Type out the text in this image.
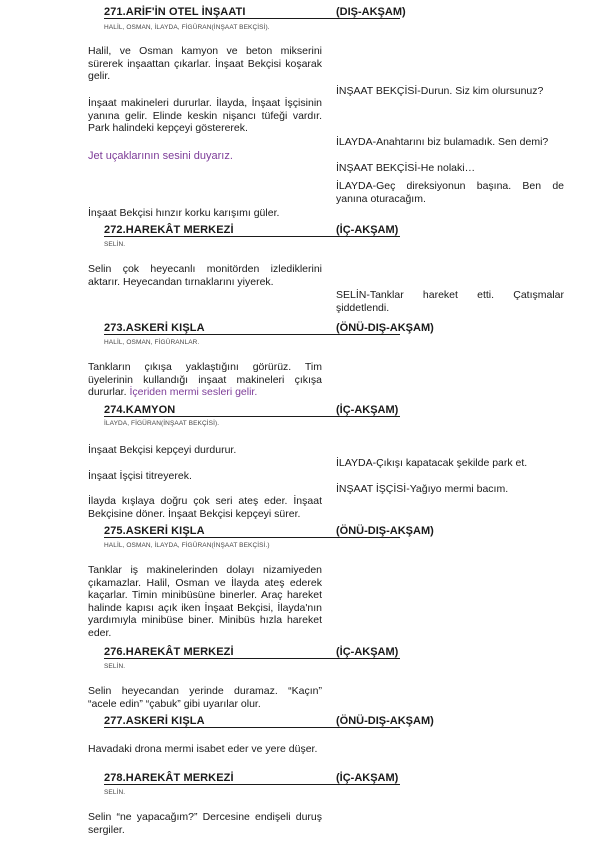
271.ARİF'İN OTEL İNŞAATI	(DIŞ-AKŞAM)
HALİL, OSMAN, İLAYDA, FİGÜRAN(İNŞAAT BEKÇİSİ).
Halil, ve Osman kamyon ve beton mikserini sürerek inşaattan çıkarlar. İnşaat Bekçisi koşarak gelir.
İnşaat makineleri dururlar. İlayda, İnşaat İşçisinin yanına gelir. Elinde keskin nişancı tüfeği vardır. Park halindeki kepçeyi göstererek.
Jet uçaklarının sesini duyarız.
İnşaat Bekçisi hınzır korku karışımı güler.
İNŞAAT BEKÇİSİ-Durun. Siz kim olursunuz?
İLAYDA-Anahtarını biz bulamadık. Sen demi?
İNŞAAT BEKÇİSİ-He nolaki…
İLAYDA-Geç direksiyonun başına. Ben de yanına oturacağım.
272.HAREKÂT MERKEZİ	(İÇ-AKŞAM)
SELİN.
Selin çok heyecanlı monitörden izlediklerini aktarır. Heyecandan tırnaklarını yiyerek.
SELİN-Tanklar hareket etti. Çatışmalar şiddetlendi.
273.ASKERİ KIŞLA	(ÖNÜ-DIŞ-AKŞAM)
HALİL, OSMAN, FİGÜRANLAR.
Tankların çıkışa yaklaştığını görürüz. Tim üyelerinin kullandığı inşaat makineleri çıkışa dururlar. İçeriden mermi sesleri gelir.
274.KAMYON	(İÇ-AKŞAM)
İLAYDA, FİGÜRAN(İNŞAAT BEKÇİSİ).
İnşaat Bekçisi kepçeyi durdurur.
İnşaat İşçisi titreyerek.
İlayda kışlaya doğru çok seri ateş eder. İnşaat Bekçisine döner. İnşaat Bekçisi kepçeyi sürer.
İLAYDA-Çıkışı kapatacak şekilde park et.
İNŞAAT İŞÇİSİ-Yağıyo mermi bacım.
275.ASKERİ KIŞLA	(ÖNÜ-DIŞ-AKŞAM)
HALİL, OSMAN, İLAYDA, FİGÜRAN(İNŞAAT BEKÇİSİ.)
Tanklar iş makinelerinden dolayı nizamiyeden çıkamazlar. Halil, Osman ve İlayda ateş ederek kaçarlar. Timin minibüsüne binerler. Araç hareket halinde kapısı açık iken İnşaat Bekçisi, İlayda'nın yardımıyla minibüse biner. Minibüs hızla hareket eder.
276.HAREKÂT MERKEZİ	(İÇ-AKŞAM)
SELİN.
Selin heyecandan yerinde duramaz. “Kaçın” “acele edin” “çabuk” gibi uyarılar olur.
277.ASKERİ KIŞLA	(ÖNÜ-DIŞ-AKŞAM)
Havadaki drona mermi isabet eder ve yere düşer.
278.HAREKÂT MERKEZİ	(İÇ-AKŞAM)
SELİN.
Selin “ne yapacağım?” Dercesine endişeli duruş sergiler.
